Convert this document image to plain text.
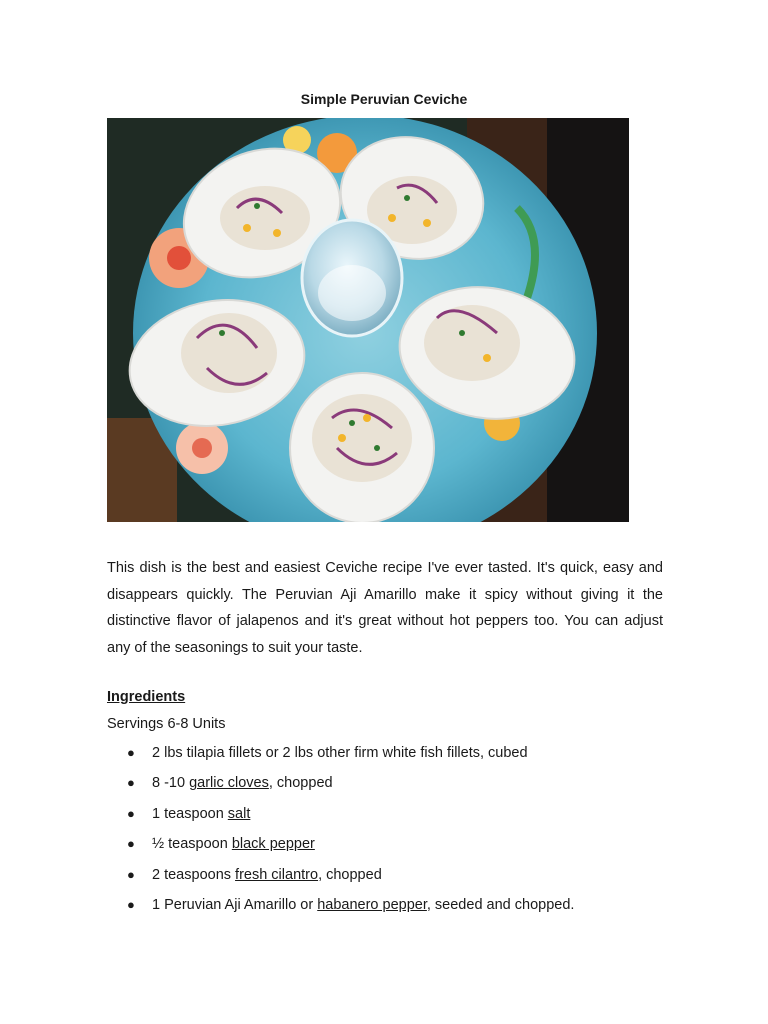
Simple Peruvian Ceviche

This dish is the best and easiest Ceviche recipe I've ever tasted. It's quick, easy and disappears quickly. The Peruvian Aji Amarillo make it spicy without giving it the distinctive flavor of jalapenos and it's great without hot peppers too. You can adjust any of the seasonings to suit your taste.

Ingredients

Servings 6-8 Units

● 2 lbs tilapia fillets or 2 lbs other firm white fish fillets, cubed
● 8 -10 garlic cloves, chopped
● 1 teaspoon salt
● ½ teaspoon black pepper
● 2 teaspoons fresh cilantro, chopped
● 1 Peruvian Aji Amarillo or habanero pepper, seeded and chopped.
